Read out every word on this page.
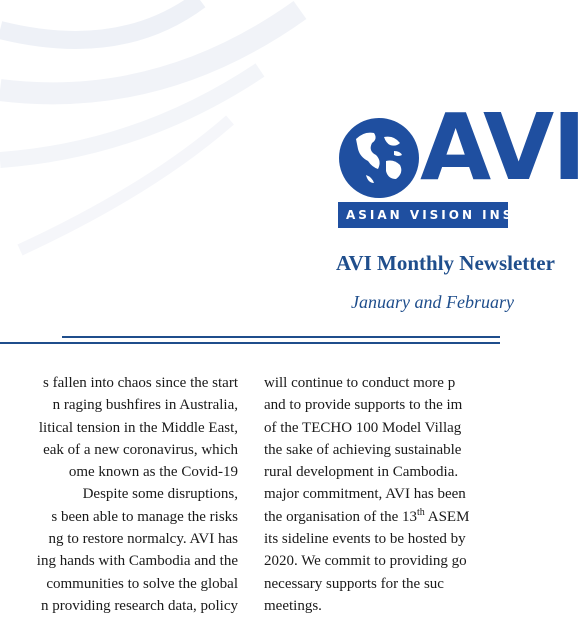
AVI
ASIAN VISION INSTITUTE
AVI Monthly Newsletter
January and February
s fallen into chaos since the start
n raging bushfires in Australia,
litical tension in the Middle East,
eak of a new coronavirus, which
ome known as the Covid-19
Despite some disruptions,
s been able to manage the risks
ng to restore normalcy. AVI has
ing hands with Cambodia and the
communities to solve the global
n providing research data, policy
will continue to conduct more p
and to provide supports to the im
of the TECHO 100 Model Villag
the sake of achieving sustainable
rural development in Cambodia.
major commitment, AVI has been
the organisation of the 13th ASEM
its sideline events to be hosted by
2020. We commit to providing go
necessary supports for the suc
meetings.
